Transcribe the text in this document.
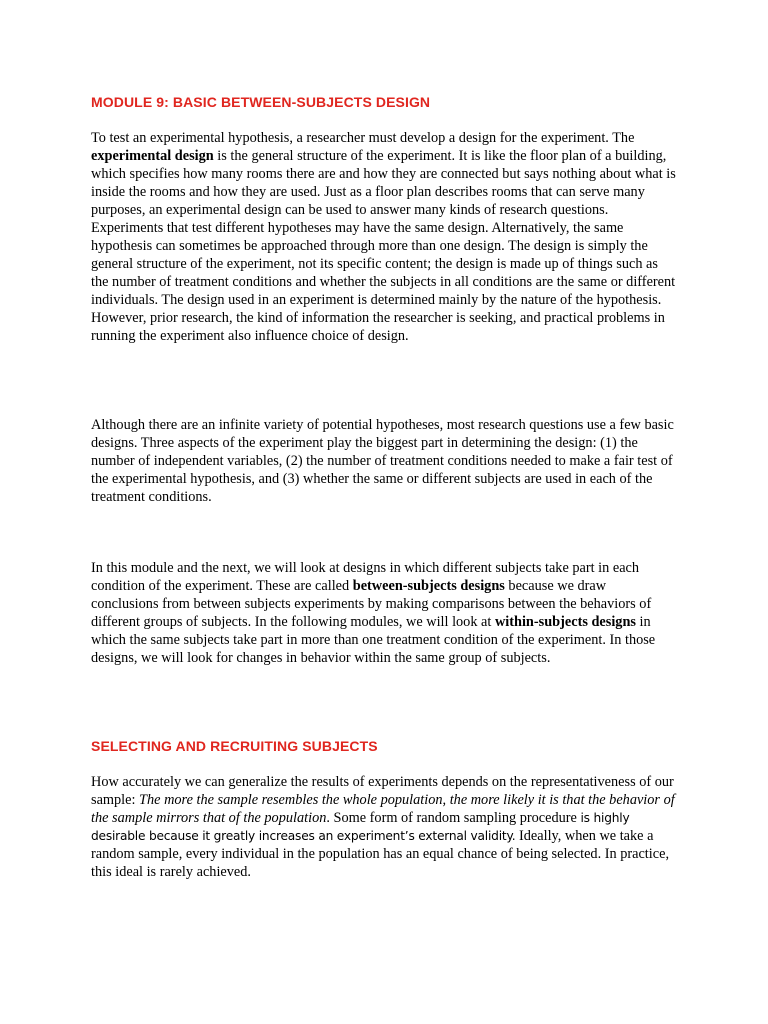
MODULE 9: BASIC BETWEEN-SUBJECTS DESIGN

To test an experimental hypothesis, a researcher must develop a design for the experiment. The experimental design is the general structure of the experiment. It is like the floor plan of a building, which specifies how many rooms there are and how they are connected but says nothing about what is inside the rooms and how they are used. Just as a floor plan describes rooms that can serve many purposes, an experimental design can be used to answer many kinds of research questions. Experiments that test different hypotheses may have the same design. Alternatively, the same hypothesis can sometimes be approached through more than one design. The design is simply the general structure of the experiment, not its specific content; the design is made up of things such as the number of treatment conditions and whether the subjects in all conditions are the same or different individuals. The design used in an experiment is determined mainly by the nature of the hypothesis. However, prior research, the kind of information the researcher is seeking, and practical problems in running the experiment also influence choice of design.

Although there are an infinite variety of potential hypotheses, most research questions use a few basic designs. Three aspects of the experiment play the biggest part in determining the design: (1) the number of independent variables, (2) the number of treatment conditions needed to make a fair test of the experimental hypothesis, and (3) whether the same or different subjects are used in each of the treatment conditions.

In this module and the next, we will look at designs in which different subjects take part in each condition of the experiment. These are called between-subjects designs because we draw conclusions from between subjects experiments by making comparisons between the behaviors of different groups of subjects. In the following modules, we will look at within-subjects designs in which the same subjects take part in more than one treatment condition of the experiment. In those designs, we will look for changes in behavior within the same group of subjects.

SELECTING AND RECRUITING SUBJECTS

How accurately we can generalize the results of experiments depends on the representativeness of our sample: The more the sample resembles the whole population, the more likely it is that the behavior of the sample mirrors that of the population. Some form of random sampling procedure is highly desirable because it greatly increases an experiment’s external validity. Ideally, when we take a random sample, every individual in the population has an equal chance of being selected. In practice, this ideal is rarely achieved.
